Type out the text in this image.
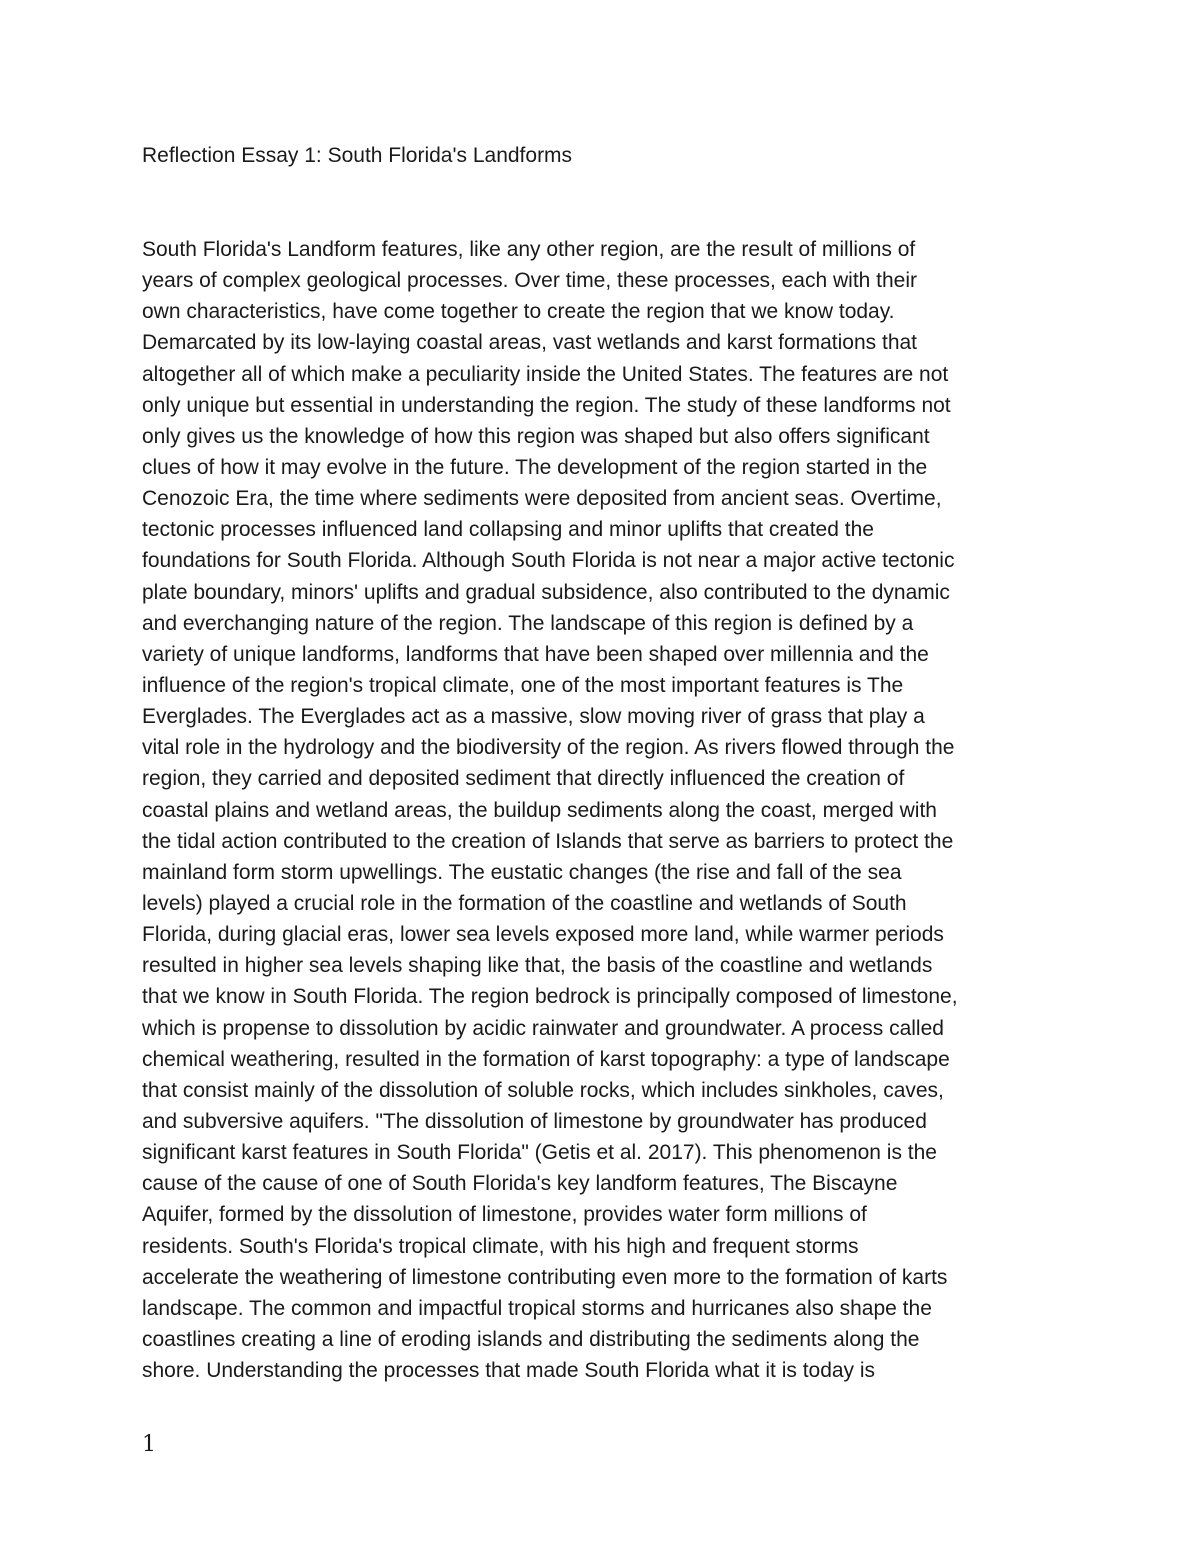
Reflection Essay 1: South Florida's Landforms
South Florida's Landform features, like any other region, are the result of millions of
years of complex geological processes. Over time, these processes, each with their
own characteristics, have come together to create the region that we know today.
Demarcated by its low-laying coastal areas, vast wetlands and karst formations that
altogether all of which make a peculiarity inside the United States. The features are not
only unique but essential in understanding the region. The study of these landforms not
only gives us the knowledge of how this region was shaped but also offers significant
clues of how it may evolve in the future. The development of the region started in the
Cenozoic Era, the time where sediments were deposited from ancient seas. Overtime,
tectonic processes influenced land collapsing and minor uplifts that created the
foundations for South Florida. Although South Florida is not near a major active tectonic
plate boundary, minors' uplifts and gradual subsidence, also contributed to the dynamic
and everchanging nature of the region. The landscape of this region is defined by a
variety of unique landforms, landforms that have been shaped over millennia and the
influence of the region's tropical climate, one of the most important features is The
Everglades. The Everglades act as a massive, slow moving river of grass that play a
vital role in the hydrology and the biodiversity of the region. As rivers flowed through the
region, they carried and deposited sediment that directly influenced the creation of
coastal plains and wetland areas, the buildup sediments along the coast, merged with
the tidal action contributed to the creation of Islands that serve as barriers to protect the
mainland form storm upwellings. The eustatic changes (the rise and fall of the sea
levels) played a crucial role in the formation of the coastline and wetlands of South
Florida, during glacial eras, lower sea levels exposed more land, while warmer periods
resulted in higher sea levels shaping like that, the basis of the coastline and wetlands
that we know in South Florida. The region bedrock is principally composed of limestone,
which is propense to dissolution by acidic rainwater and groundwater. A process called
chemical weathering, resulted in the formation of karst topography: a type of landscape
that consist mainly of the dissolution of soluble rocks, which includes sinkholes, caves,
and subversive aquifers. "The dissolution of limestone by groundwater has produced
significant karst features in South Florida" (Getis et al. 2017). This phenomenon is the
cause of the cause of one of South Florida's key landform features, The Biscayne
Aquifer, formed by the dissolution of limestone, provides water form millions of
residents. South's Florida's tropical climate, with his high and frequent storms
accelerate the weathering of limestone contributing even more to the formation of karts
landscape. The common and impactful tropical storms and hurricanes also shape the
coastlines creating a line of eroding islands and distributing the sediments along the
shore. Understanding the processes that made South Florida what it is today is
1
